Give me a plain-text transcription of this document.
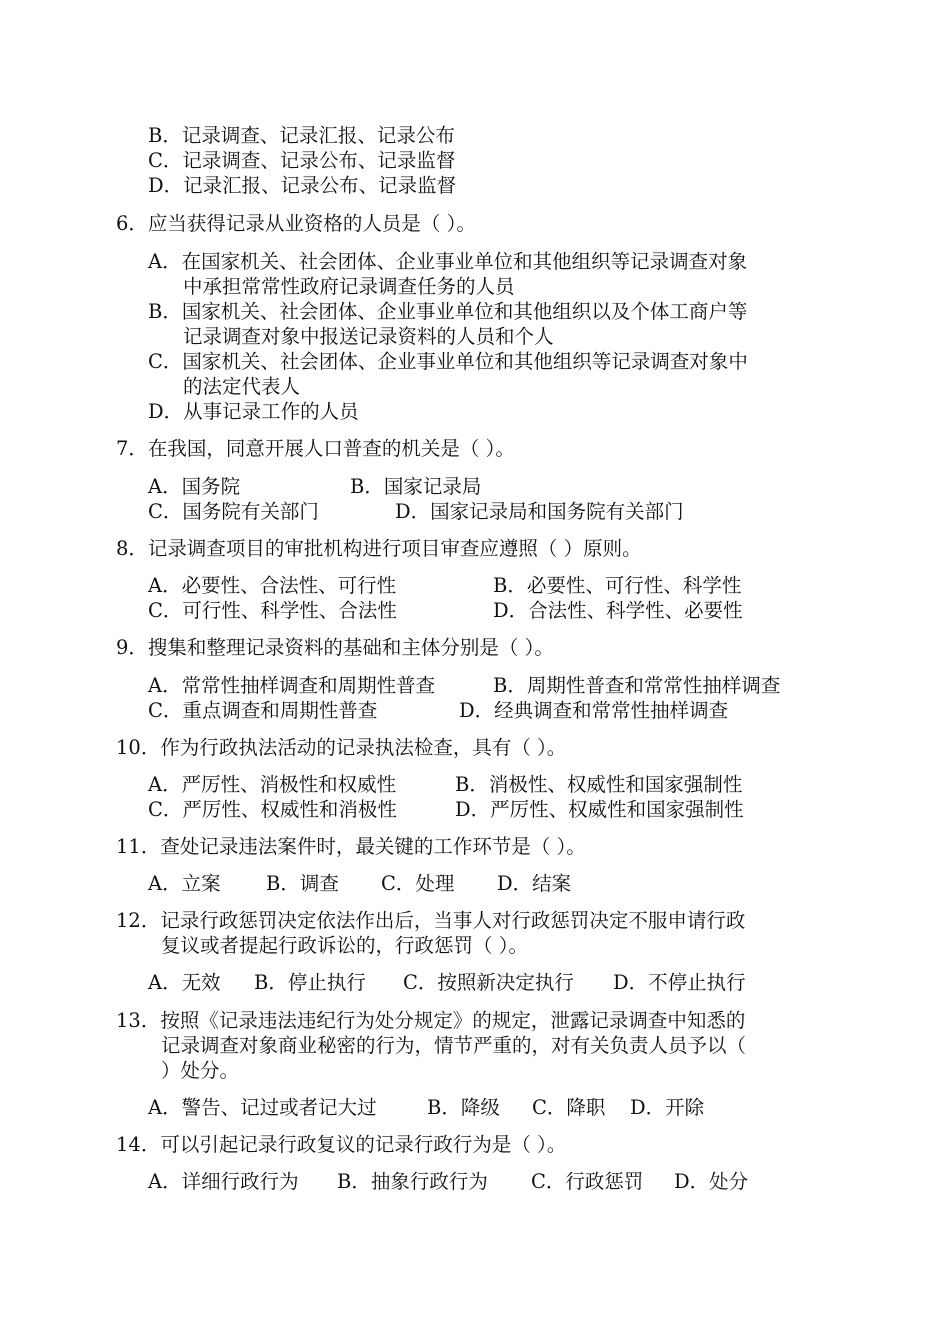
B．记录调查、记录汇报、记录公布
C．记录调查、记录公布、记录监督
D．记录汇报、记录公布、记录监督
6．应当获得记录从业资格的人员是（ ）。
A．在国家机关、社会团体、企业事业单位和其他组织等记录调查对象
中承担常常性政府记录调查任务的人员
B．国家机关、社会团体、企业事业单位和其他组织以及个体工商户等
记录调查对象中报送记录资料的人员和个人
C．国家机关、社会团体、企业事业单位和其他组织等记录调查对象中
的法定代表人
D．从事记录工作的人员
7．在我国，同意开展人口普查的机关是（ ）。
A．国务院	B．国家记录局
C．国务院有关部门	D．国家记录局和国务院有关部门
8．记录调查项目的审批机构进行项目审查应遵照（ ）原则。
A．必要性、合法性、可行性	B．必要性、可行性、科学性
C．可行性、科学性、合法性	D．合法性、科学性、必要性
9．搜集和整理记录资料的基础和主体分别是（ ）。
A．常常性抽样调查和周期性普查	B．周期性普查和常常性抽样调查
C．重点调查和周期性普查	D．经典调查和常常性抽样调查
10．作为行政执法活动的记录执法检查，具有（ ）。
A．严厉性、消极性和权威性	B．消极性、权威性和国家强制性
C．严厉性、权威性和消极性	D．严厉性、权威性和国家强制性
11．查处记录违法案件时，最关键的工作环节是（ ）。
A．立案 B．调查 C．处理 D．结案
12．记录行政惩罚决定依法作出后，当事人对行政惩罚决定不服申请行政
复议或者提起行政诉讼的，行政惩罚（ ）。
A．无效 B．停止执行 C．按照新决定执行 D．不停止执行
13．按照《记录违法违纪行为处分规定》的规定，泄露记录调查中知悉的
记录调查对象商业秘密的行为，情节严重的，对有关负责人员予以（
）处分。
A．警告、记过或者记大过	B．降级 C．降职 D．开除
14．可以引起记录行政复议的记录行政行为是（ ）。
A．详细行政行为 B．抽象行政行为 C．行政惩罚 D．处分
